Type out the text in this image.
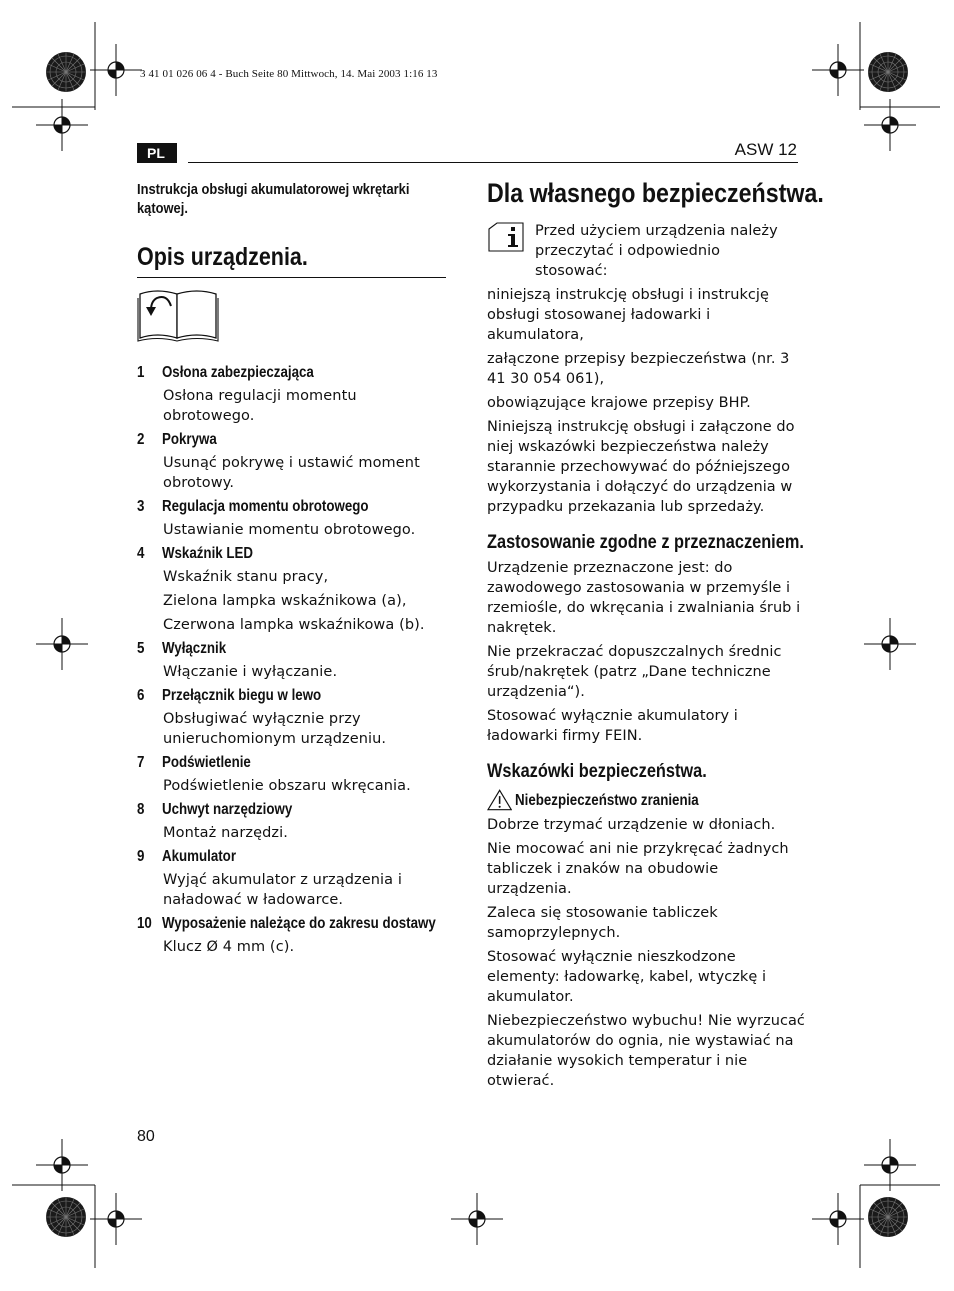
3 41 01 026 06 4 - Buch Seite 80 Mittwoch, 14. Mai 2003 1:16 13
PL	ASW 12
Instrukcja obsługi akumulatorowej wkrętarki kątowej.
Opis urządzenia.
1	Osłona zabezpieczająca
Osłona regulacji momentu obrotowego.
2	Pokrywa
Usunąć pokrywę i ustawić moment obrotowy.
3	Regulacja momentu obrotowego
Ustawianie momentu obrotowego.
4	Wskaźnik LED
Wskaźnik stanu pracy,
Zielona lampka wskaźnikowa (a),
Czerwona lampka wskaźnikowa (b).
5	Wyłącznik
Włączanie i wyłączanie.
6	Przełącznik biegu w lewo
Obsługiwać wyłącznie przy unieruchomionym urządzeniu.
7	Podświetlenie
Podświetlenie obszaru wkręcania.
8	Uchwyt narzędziowy
Montaż narzędzi.
9	Akumulator
Wyjąć akumulator z urządzenia i naładować w ładowarce.
10 Wyposażenie należące do zakresu dostawy
Klucz Ø 4 mm (c).
Dla własnego bezpieczeństwa.
Przed użyciem urządzenia należy przeczytać i odpowiednio stosować:
niniejszą instrukcję obsługi i instrukcję obsługi stosowanej ładowarki i akumulatora,
załączone przepisy bezpieczeństwa (nr. 3 41 30 054 061),
obowiązujące krajowe przepisy BHP.
Niniejszą instrukcję obsługi i załączone do niej wskazówki bezpieczeństwa należy starannie przechowywać do późniejszego wykorzystania i dołączyć do urządzenia w przypadku przekazania lub sprzedaży.
Zastosowanie zgodne z przeznaczeniem.
Urządzenie przeznaczone jest: do zawodowego zastosowania w przemyśle i rzemiośle, do wkręcania i zwalniania śrub i nakrętek.
Nie przekraczać dopuszczalnych średnic śrub/nakrętek (patrz „Dane techniczne urządzenia“).
Stosować wyłącznie akumulatory i ładowarki firmy FEIN.
Wskazówki bezpieczeństwa.
Niebezpieczeństwo zranienia
Dobrze trzymać urządzenie w dłoniach.
Nie mocować ani nie przykręcać żadnych tabliczek i znaków na obudowie urządzenia.
Zaleca się stosowanie tabliczek samoprzylepnych.
Stosować wyłącznie nieszkodzone elementy: ładowarkę, kabel, wtyczkę i akumulator.
Niebezpieczeństwo wybuchu! Nie wyrzucać akumulatorów do ognia, nie wystawiać na działanie wysokich temperatur i nie otwierać.
80
